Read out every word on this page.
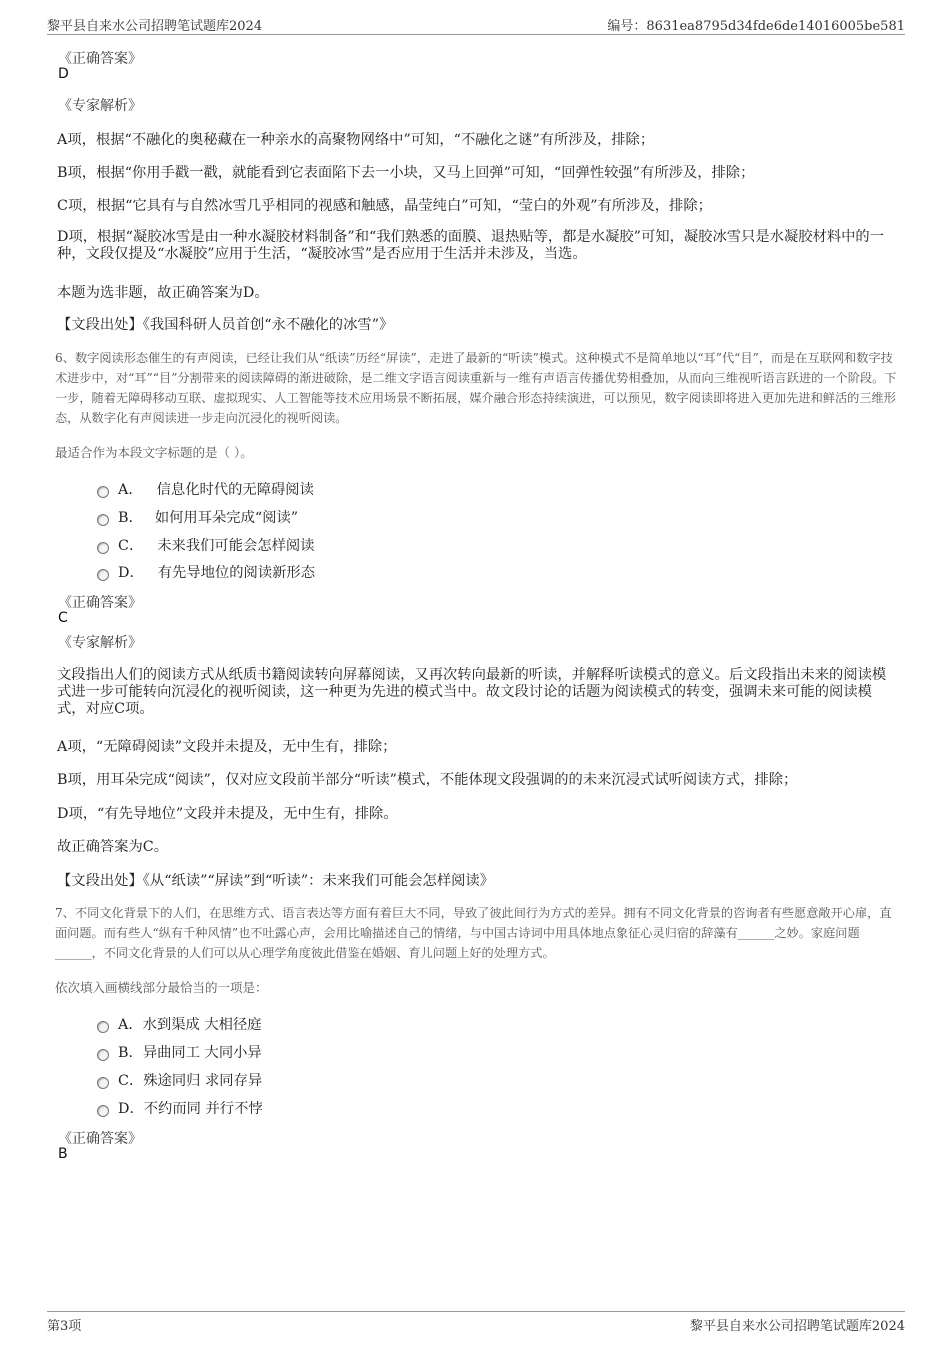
黎平县自来水公司招聘笔试题库2024	编号：8631ea8795d34fde6de14016005be581
《正确答案》
D
《专家解析》
A项，根据“不融化的奥秘藏在一种亲水的高聚物网络中”可知，“不融化之谜”有所涉及，排除；
B项，根据“你用手戳一戳，就能看到它表面陷下去一小块，又马上回弹”可知，“回弹性较强”有所涉及，排除；
C项，根据“它具有与自然冰雪几乎相同的视感和触感，晶莹纯白”可知，“莹白的外观”有所涉及，排除；
D项，根据“凝胶冰雪是由一种水凝胶材料制备”和“我们熟悉的面膜、退热贴等，都是水凝胶”可知，凝胶冰雪只是水凝胶材料中的一种，文段仅提及“水凝胶”应用于生活，“凝胶冰雪”是否应用于生活并未涉及，当选。
本题为选非题，故正确答案为D。
【文段出处】《我国科研人员首创“永不融化的冰雪”》
6、数字阅读形态催生的有声阅读，已经让我们从“纸读”历经“屏读”，走进了最新的“听读”模式。这种模式不是简单地以“耳”代“目”，而是在互联网和数字技术进步中，对“耳”“目”分割带来的阅读障碍的渐进破除，是二维文字语言阅读重新与一维有声语言传播优势相叠加，从而向三维视听语言跃进的一个阶段。下一步，随着无障碍移动互联、虚拟现实、人工智能等技术应用场景不断拓展，媒介融合形态持续演进，可以预见，数字阅读即将进入更加先进和鲜活的三维形态，从数字化有声阅读进一步走向沉浸化的视听阅读。
最适合作为本段文字标题的是（ ）。
A． 信息化时代的无障碍阅读
B． 如何用耳朵完成“阅读”
C． 未来我们可能会怎样阅读
D． 有先导地位的阅读新形态
《正确答案》
C
《专家解析》
文段指出人们的阅读方式从纸质书籍阅读转向屏幕阅读，又再次转向最新的听读，并解释听读模式的意义。后文段指出未来的阅读模式进一步可能转向沉浸化的视听阅读，这一种更为先进的模式当中。故文段讨论的话题为阅读模式的转变，强调未来可能的阅读模式，对应C项。
A项，“无障碍阅读”文段并未提及，无中生有，排除；
B项，用耳朵完成“阅读”，仅对应文段前半部分“听读”模式，不能体现文段强调的的未来沉浸式试听阅读方式，排除；
D项，“有先导地位”文段并未提及，无中生有，排除。
故正确答案为C。
【文段出处】《从“纸读”“屏读”到“听读”：未来我们可能会怎样阅读》
7、不同文化背景下的人们，在思维方式、语言表达等方面有着巨大不同，导致了彼此间行为方式的差异。拥有不同文化背景的咨询者有些愿意敞开心扉，直面问题。而有些人“纵有千种风情”也不吐露心声，会用比喻描述自己的情绪，与中国古诗词中用具体地点象征心灵归宿的辞藻有______之妙。家庭问题______，不同文化背景的人们可以从心理学角度彼此借鉴在婚姻、育儿问题上好的处理方式。
依次填入画横线部分最恰当的一项是：
A．水到渠成 大相径庭
B．异曲同工 大同小异
C．殊途同归 求同存异
D．不约而同 并行不悖
《正确答案》
B
第3项	黎平县自来水公司招聘笔试题库2024
